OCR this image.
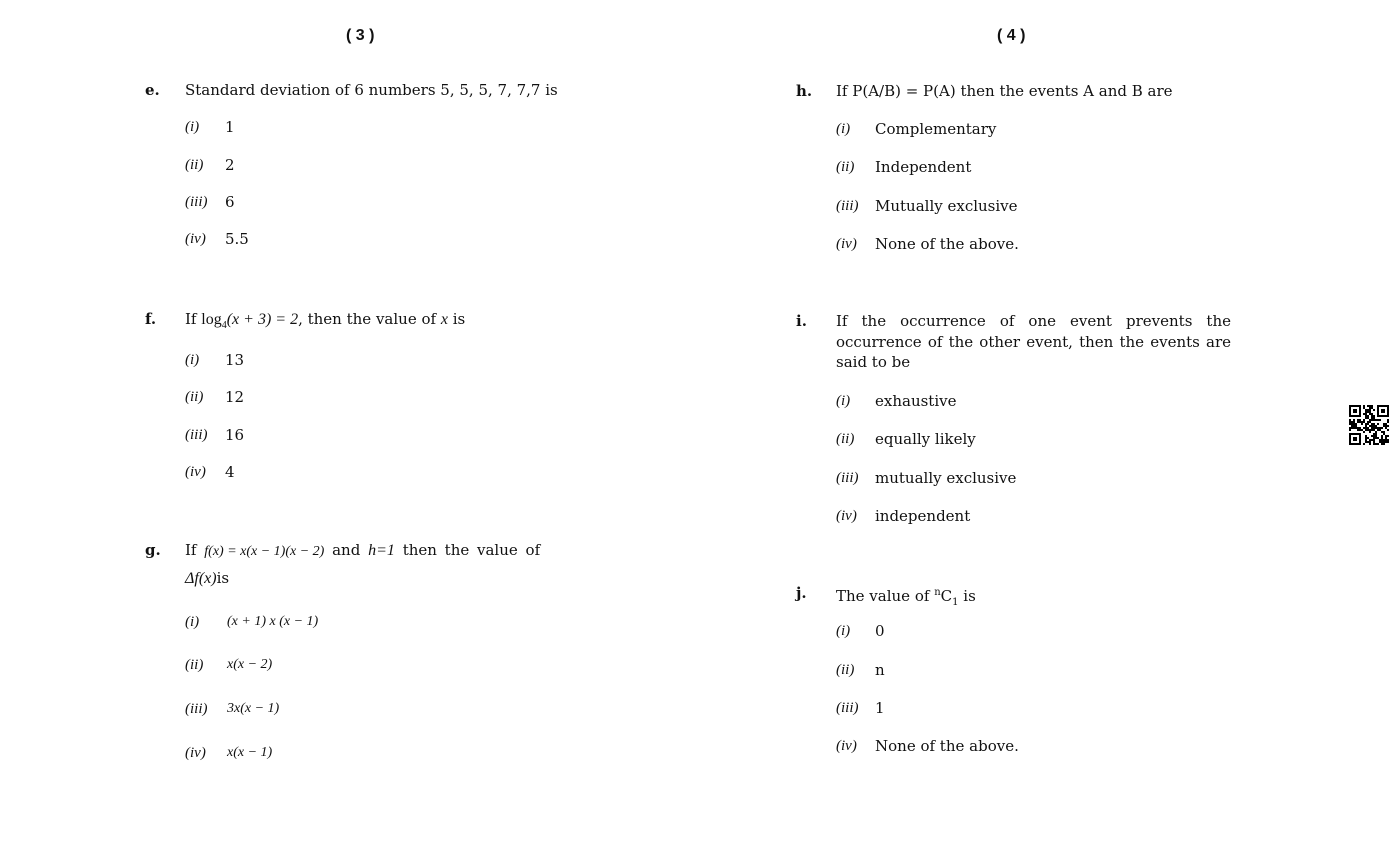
( 3 )	( 4 )
e. Standard deviation of 6 numbers 5, 5, 5, 7, 7,7 is
(i) 1
(ii) 2
(iii) 6
(iv) 5.5
f. If $\log_4(x + 3) = 2$, then the value of x is
(i) 13
(ii) 12
(iii) 16
(iv) 4
g. If f(x) = x(x − 1)(x − 2) and h=1 then the value of
Δf(x)is
(i) (x + 1) x (x − 1)
(ii) x(x − 2)
(iii) 3x(x − 1)
(iv) x(x − 1)
h. If P(A/B) = P(A) then the events A and B are
(i) Complementary
(ii) Independent
(iii) Mutually exclusive
(iv) None of the above.
i. If the occurrence of one event prevents the occurrence of the other event, then the events are said to be
(i) exhaustive
(ii) equally likely
(iii) mutually exclusive
(iv) independent
j. The value of $^nC_1$ is
(i) 0
(ii) n
(iii) 1
(iv) None of the above.
